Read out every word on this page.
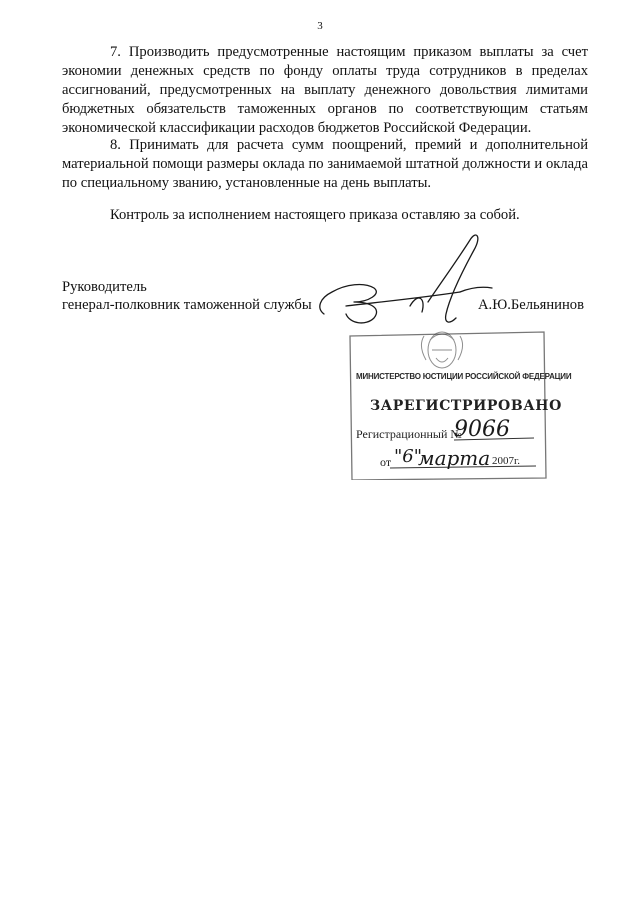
3

7. Производить предусмотренные настоящим приказом выплаты за счет экономии денежных средств по фонду оплаты труда сотрудников в пределах ассигнований, предусмотренных на выплату денежного довольствия лимитами бюджетных обязательств таможенных органов по соответствующим статьям экономической классификации расходов бюджетов Российской Федерации.

8. Принимать для расчета сумм поощрений, премий и дополнительной материальной помощи размеры оклада по занимаемой штатной должности и оклада по специальному званию, установленные на день выплаты.

Контроль за исполнением настоящего приказа оставляю за собой.

Руководитель
генерал-полковник таможенной службы	А.Ю.Бельянинов
МИНИСТЕРСТВО ЮСТИЦИИ РОССИЙСКОЙ ФЕДЕРАЦИИ
ЗАРЕГИСТРИРОВАНО
Регистрационный №
9066
от "6"
марта 2007г.
